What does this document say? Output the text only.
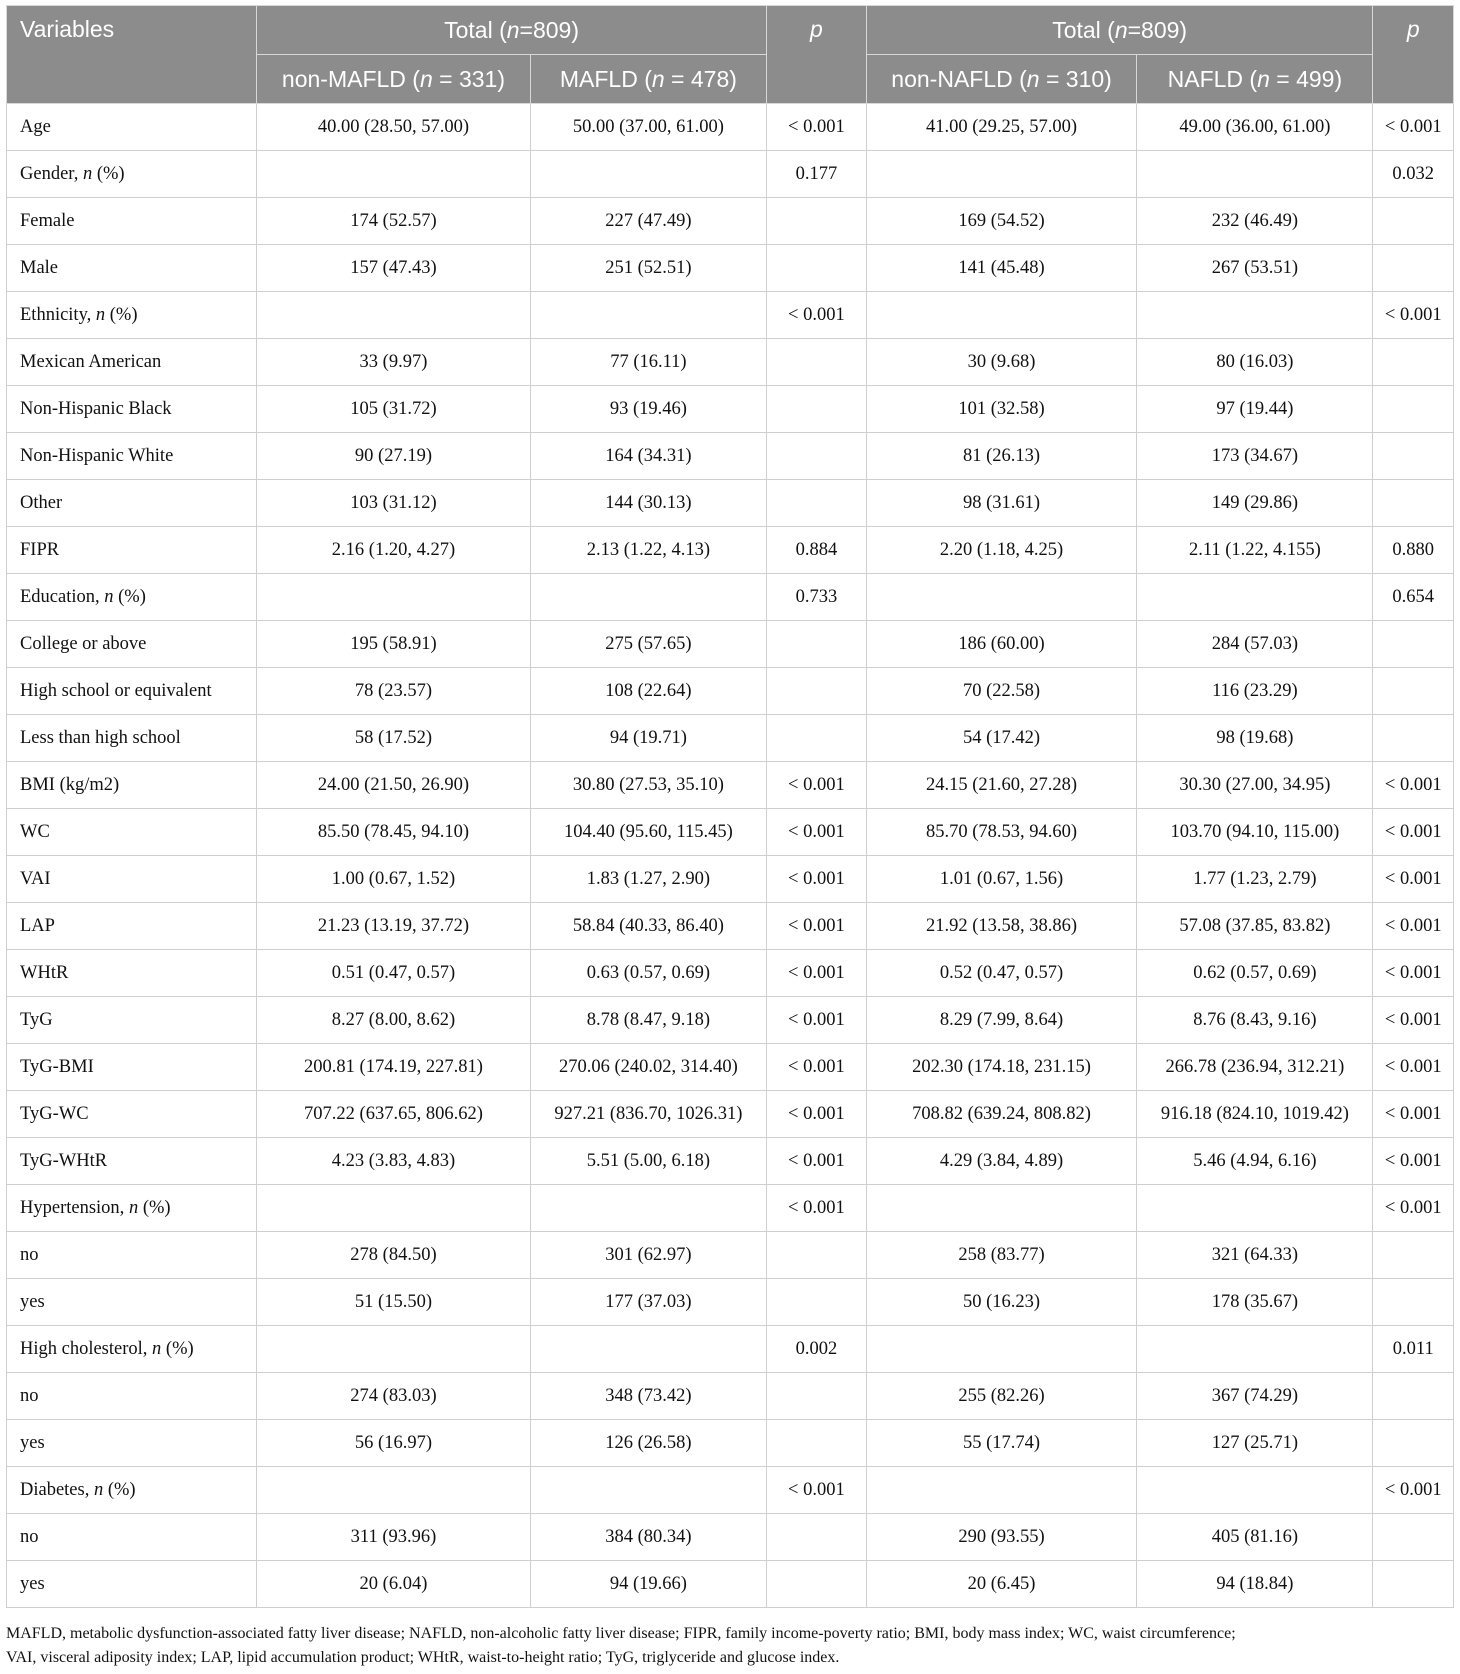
Variables	Total (n=809)		p	Total (n=809)		p
	non-MAFLD (n = 331)	MAFLD (n = 478)		non-NAFLD (n = 310)	NAFLD (n = 499)	
Age	40.00 (28.50, 57.00)	50.00 (37.00, 61.00)	< 0.001	41.00 (29.25, 57.00)	49.00 (36.00, 61.00)	< 0.001
Gender, n (%)			0.177			0.032
Female	174 (52.57)	227 (47.49)		169 (54.52)	232 (46.49)	
Male	157 (47.43)	251 (52.51)		141 (45.48)	267 (53.51)	
Ethnicity, n (%)			< 0.001			< 0.001
Mexican American	33 (9.97)	77 (16.11)		30 (9.68)	80 (16.03)	
Non-Hispanic Black	105 (31.72)	93 (19.46)		101 (32.58)	97 (19.44)	
Non-Hispanic White	90 (27.19)	164 (34.31)		81 (26.13)	173 (34.67)	
Other	103 (31.12)	144 (30.13)		98 (31.61)	149 (29.86)	
FIPR	2.16 (1.20, 4.27)	2.13 (1.22, 4.13)	0.884	2.20 (1.18, 4.25)	2.11 (1.22, 4.155)	0.880
Education, n (%)			0.733			0.654
College or above	195 (58.91)	275 (57.65)		186 (60.00)	284 (57.03)	
High school or equivalent	78 (23.57)	108 (22.64)		70 (22.58)	116 (23.29)	
Less than high school	58 (17.52)	94 (19.71)		54 (17.42)	98 (19.68)	
BMI (kg/m2)	24.00 (21.50, 26.90)	30.80 (27.53, 35.10)	< 0.001	24.15 (21.60, 27.28)	30.30 (27.00, 34.95)	< 0.001
WC	85.50 (78.45, 94.10)	104.40 (95.60, 115.45)	< 0.001	85.70 (78.53, 94.60)	103.70 (94.10, 115.00)	< 0.001
VAI	1.00 (0.67, 1.52)	1.83 (1.27, 2.90)	< 0.001	1.01 (0.67, 1.56)	1.77 (1.23, 2.79)	< 0.001
LAP	21.23 (13.19, 37.72)	58.84 (40.33, 86.40)	< 0.001	21.92 (13.58, 38.86)	57.08 (37.85, 83.82)	< 0.001
WHtR	0.51 (0.47, 0.57)	0.63 (0.57, 0.69)	< 0.001	0.52 (0.47, 0.57)	0.62 (0.57, 0.69)	< 0.001
TyG	8.27 (8.00, 8.62)	8.78 (8.47, 9.18)	< 0.001	8.29 (7.99, 8.64)	8.76 (8.43, 9.16)	< 0.001
TyG-BMI	200.81 (174.19, 227.81)	270.06 (240.02, 314.40)	< 0.001	202.30 (174.18, 231.15)	266.78 (236.94, 312.21)	< 0.001
TyG-WC	707.22 (637.65, 806.62)	927.21 (836.70, 1026.31)	< 0.001	708.82 (639.24, 808.82)	916.18 (824.10, 1019.42)	< 0.001
TyG-WHtR	4.23 (3.83, 4.83)	5.51 (5.00, 6.18)	< 0.001	4.29 (3.84, 4.89)	5.46 (4.94, 6.16)	< 0.001
Hypertension, n (%)			< 0.001			< 0.001
no	278 (84.50)	301 (62.97)		258 (83.77)	321 (64.33)	
yes	51 (15.50)	177 (37.03)		50 (16.23)	178 (35.67)	
High cholesterol, n (%)			0.002			0.011
no	274 (83.03)	348 (73.42)		255 (82.26)	367 (74.29)	
yes	56 (16.97)	126 (26.58)		55 (17.74)	127 (25.71)	
Diabetes, n (%)			< 0.001			< 0.001
no	311 (93.96)	384 (80.34)		290 (93.55)	405 (81.16)	
yes	20 (6.04)	94 (19.66)		20 (6.45)	94 (18.84)	
MAFLD, metabolic dysfunction-associated fatty liver disease; NAFLD, non-alcoholic fatty liver disease; FIPR, family income-poverty ratio; BMI, body mass index; WC, waist circumference;
VAI, visceral adiposity index; LAP, lipid accumulation product; WHtR, waist-to-height ratio; TyG, triglyceride and glucose index.
